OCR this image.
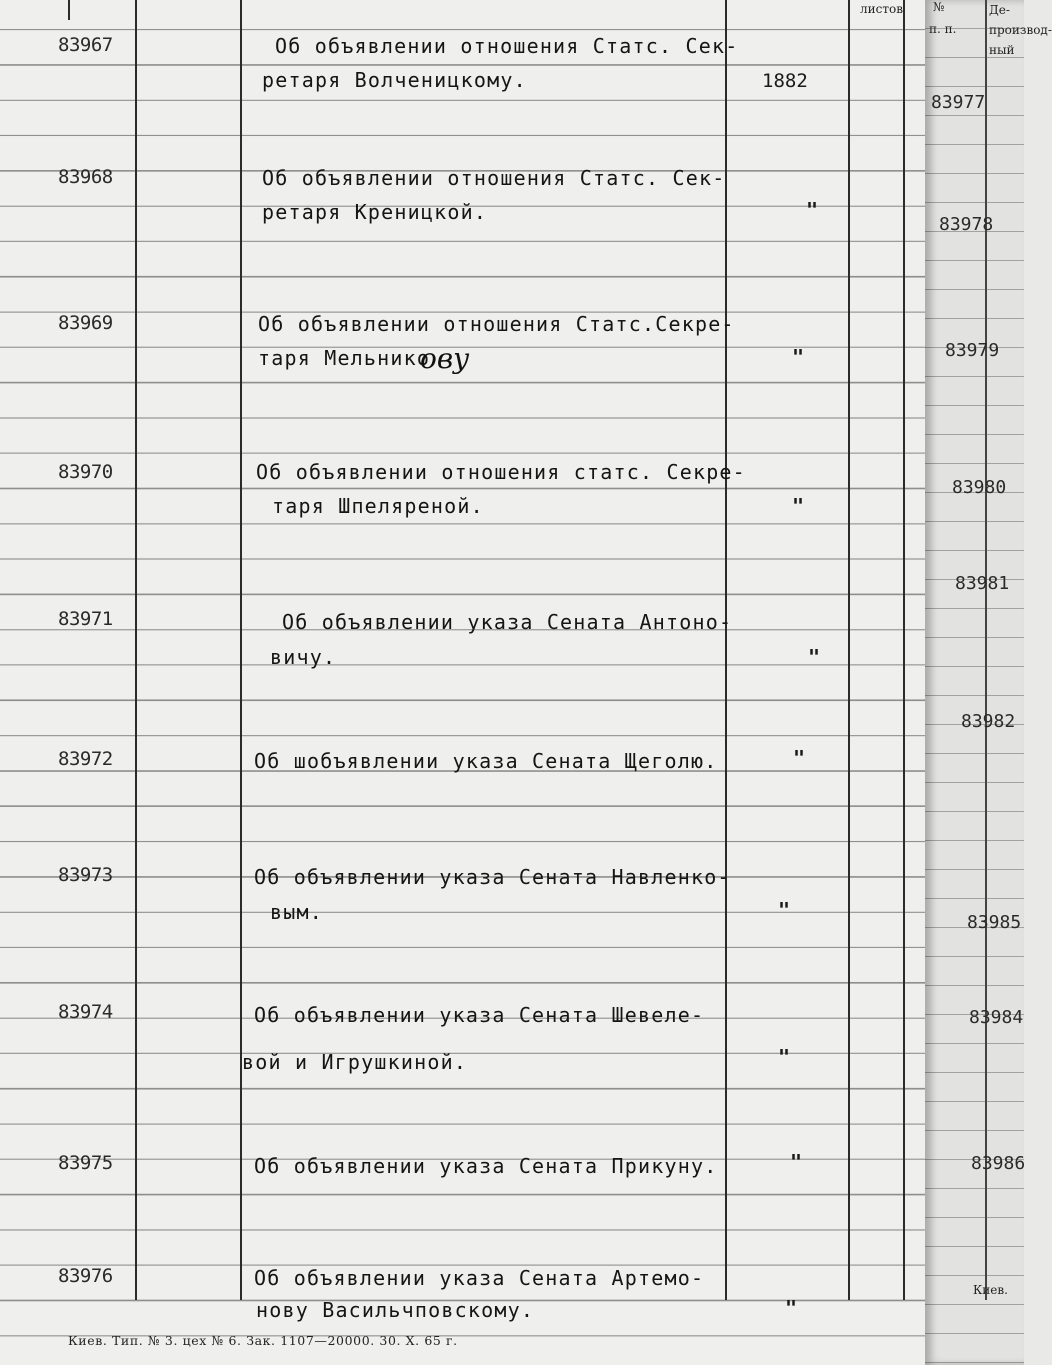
листов
83967	Об объявлении отношения Статс. Сек-
ретаря Волченицкому.	1882
83968	Об объявлении отношения Статс. Сек-
ретаря Креницкой.	"
83969	Об объявлении отношения Статс.Секре-
таря Мельнико
ову	"
83970	Об объявлении отношения статс. Секре-
таря Шпелярeной.	"
83971	Об объявлении указа Сената Антоно-
вичу.	"
83972	Об шобъявлении указа Сената Щеголю.	"
83973	Об объявлении указа Сената Навленко-
вым.	"
83974	Об объявлении указа Сената Шевеле-
вой и Игрушкиной.	"
83975	Об объявлении указа Сената Прикуну.	"
83976	Об объявлении указа Сената Артемо-
нову Васильчповскому.	"
Киев. Тип. № 3. цех № 6. Зак. 1107—20000. 30. X. 65 г.
№
п. п.
Де- производ- ный
83977
83978
83979
83980
83981
83982
83985
83984
83986
Киев.
